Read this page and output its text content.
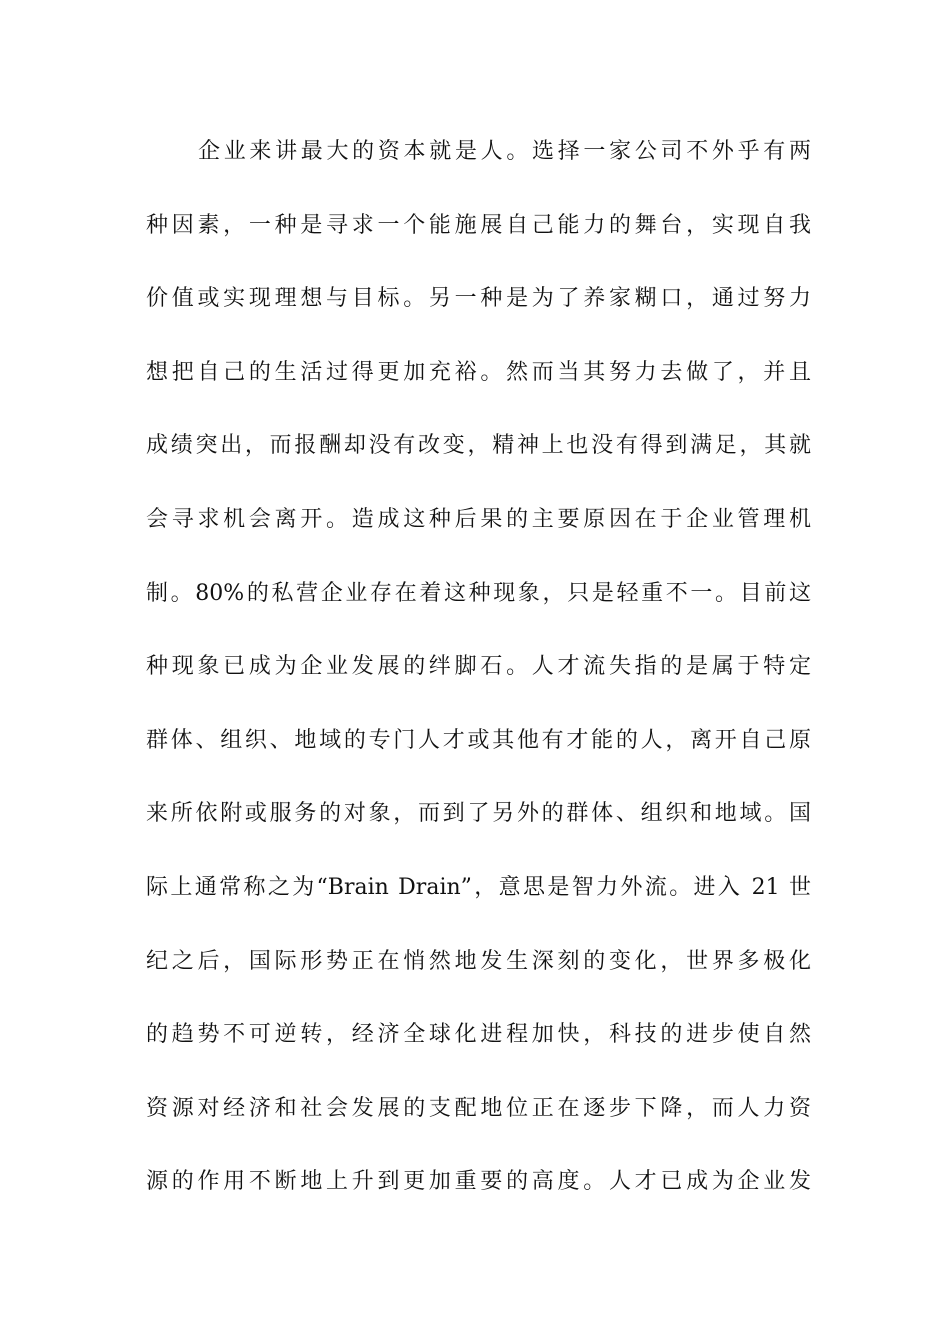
企业来讲最大的资本就是人。选择一家公司不外乎有两
种因素，一种是寻求一个能施展自己能力的舞台，实现自我
价值或实现理想与目标。另一种是为了养家糊口，通过努力
想把自己的生活过得更加充裕。然而当其努力去做了，并且
成绩突出，而报酬却没有改变，精神上也没有得到满足，其就
会寻求机会离开。造成这种后果的主要原因在于企业管理机
制。80%的私营企业存在着这种现象，只是轻重不一。目前这
种现象已成为企业发展的绊脚石。人才流失指的是属于特定
群体、组织、地域的专门人才或其他有才能的人，离开自己原
来所依附或服务的对象，而到了另外的群体、组织和地域。国
际上通常称之为“Brain Drain”，意思是智力外流。进入 21 世
纪之后，国际形势正在悄然地发生深刻的变化，世界多极化
的趋势不可逆转，经济全球化进程加快，科技的进步使自然
资源对经济和社会发展的支配地位正在逐步下降，而人力资
源的作用不断地上升到更加重要的高度。人才已成为企业发
